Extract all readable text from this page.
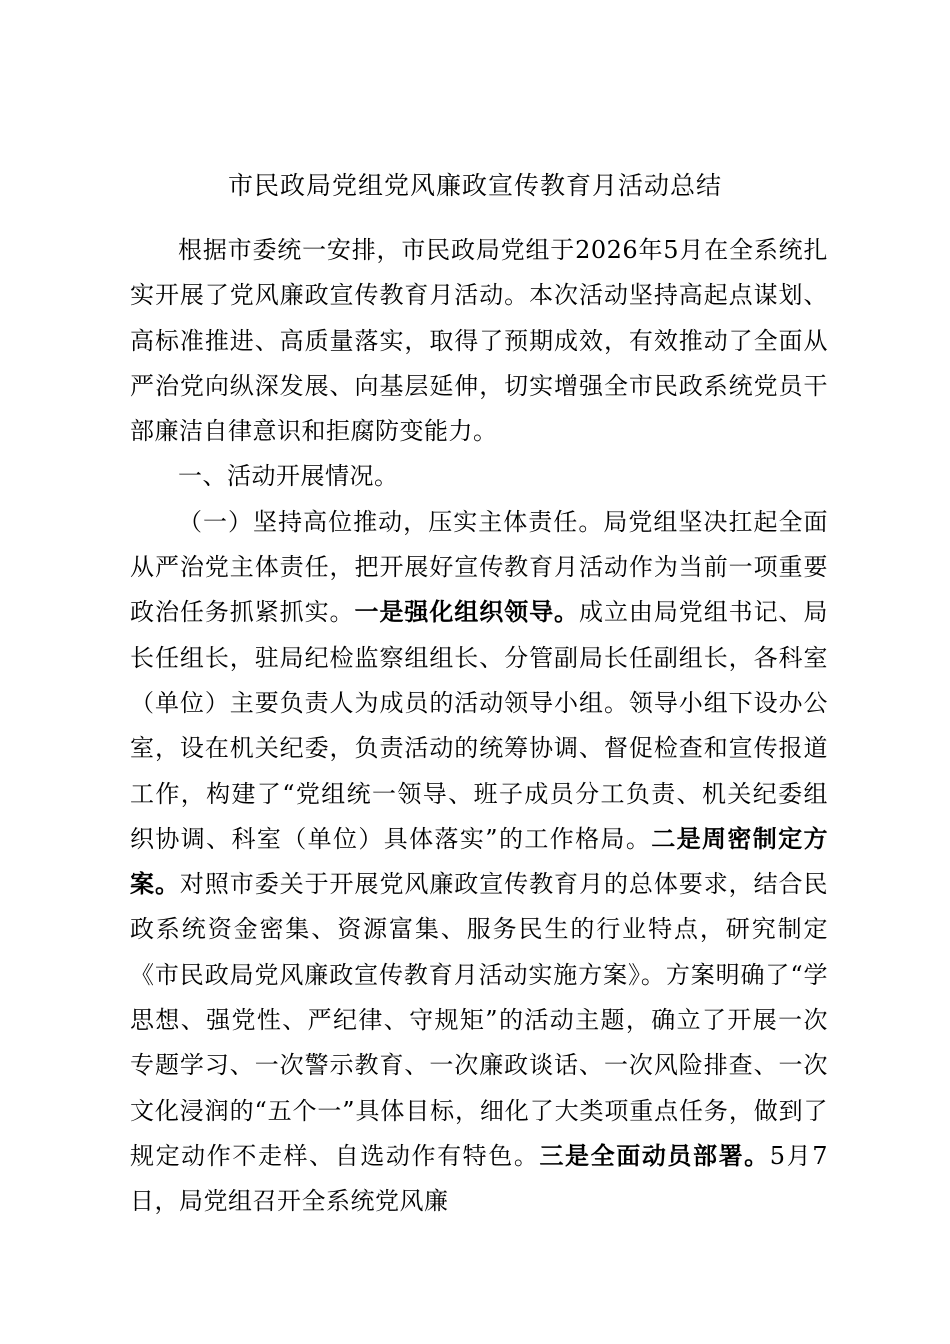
市民政局党组党风廉政宣传教育月活动总结

根据市委统一安排，市民政局党组于2026年5月在全系统扎实开展了党风廉政宣传教育月活动。本次活动坚持高起点谋划、高标准推进、高质量落实，取得了预期成效，有效推动了全面从严治党向纵深发展、向基层延伸，切实增强全市民政系统党员干部廉洁自律意识和拒腐防变能力。

一、活动开展情况。

（一）坚持高位推动，压实主体责任。局党组坚决扛起全面从严治党主体责任，把开展好宣传教育月活动作为当前一项重要政治任务抓紧抓实。一是强化组织领导。成立由局党组书记、局长任组长，驻局纪检监察组组长、分管副局长任副组长，各科室（单位）主要负责人为成员的活动领导小组。领导小组下设办公室，设在机关纪委，负责活动的统筹协调、督促检查和宣传报道工作，构建了“党组统一领导、班子成员分工负责、机关纪委组织协调、科室（单位）具体落实”的工作格局。二是周密制定方案。对照市委关于开展党风廉政宣传教育月的总体要求，结合民政系统资金密集、资源富集、服务民生的行业特点，研究制定《市民政局党风廉政宣传教育月活动实施方案》。方案明确了“学思想、强党性、严纪律、守规矩”的活动主题，确立了开展一次专题学习、一次警示教育、一次廉政谈话、一次风险排查、一次文化浸润的“五个一”具体目标，细化了大类项重点任务，做到了规定动作不走样、自选动作有特色。三是全面动员部署。5月7日，局党组召开全系统党风廉
